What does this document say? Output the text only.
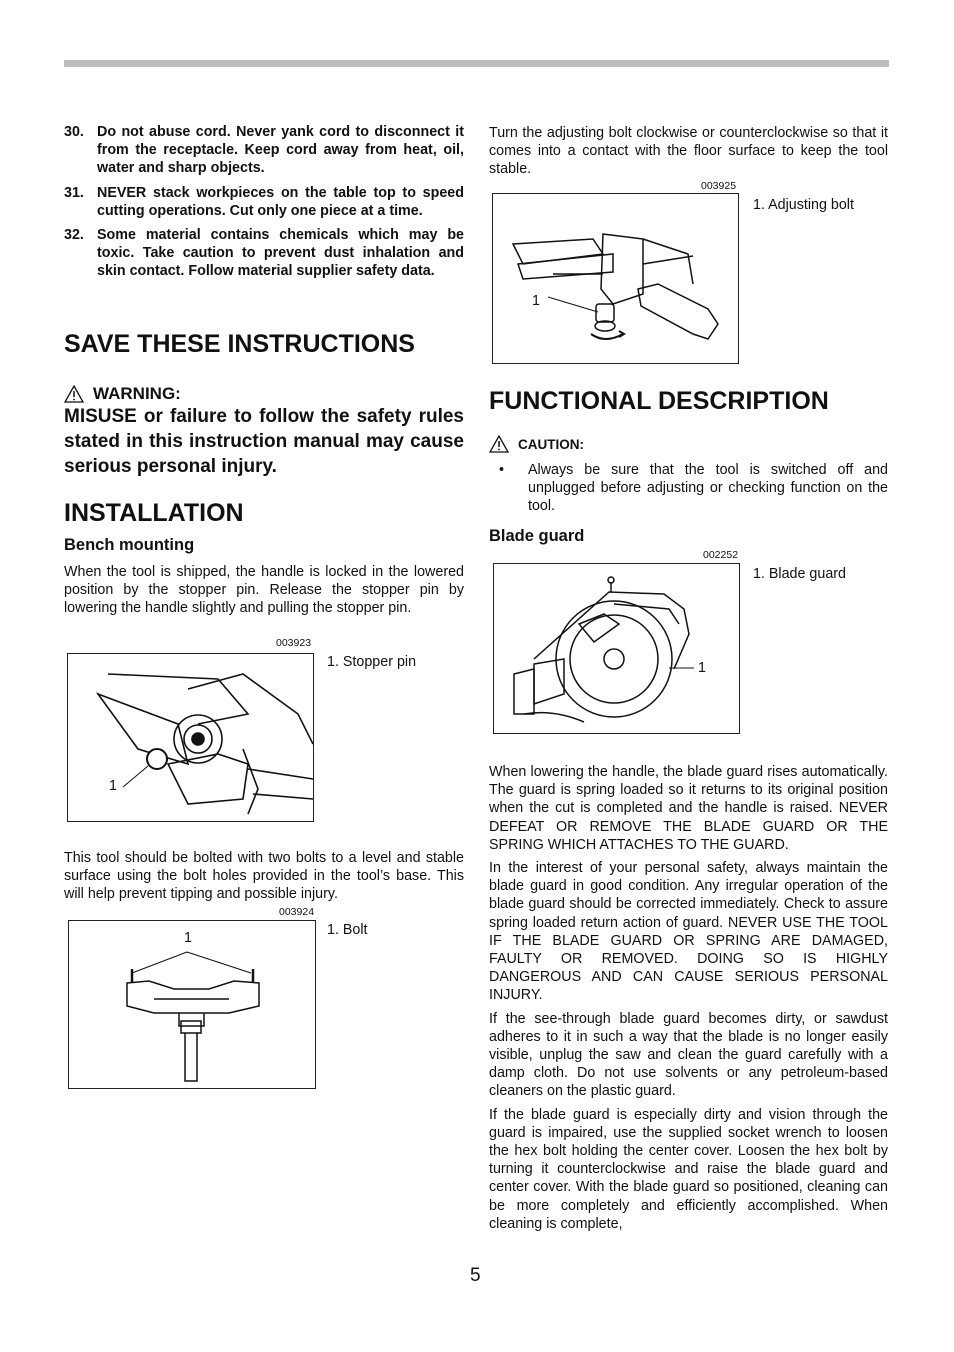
30. Do not abuse cord. Never yank cord to disconnect it from the receptacle. Keep cord away from heat, oil, water and sharp objects.
31. NEVER stack workpieces on the table top to speed cutting operations. Cut only one piece at a time.
32. Some material contains chemicals which may be toxic. Take caution to prevent dust inhalation and skin contact. Follow material supplier safety data.
SAVE THESE INSTRUCTIONS
WARNING:
MISUSE or failure to follow the safety rules stated in this instruction manual may cause serious personal injury.
INSTALLATION
Bench mounting

When the tool is shipped, the handle is locked in the lowered position by the stopper pin. Release the stopper pin by lowering the handle slightly and pulling the stopper pin.

003923
1
1. Stopper pin

This tool should be bolted with two bolts to a level and stable surface using the bolt holes provided in the tool’s base. This will help prevent tipping and possible injury.

003924
1	1. Bolt

Turn the adjusting bolt clockwise or counterclockwise so that it comes into a contact with the floor surface to keep the tool stable.

003925
1
1. Adjusting bolt
FUNCTIONAL DESCRIPTION
CAUTION:
•	Always be sure that the tool is switched off and unplugged before adjusting or checking function on the tool.
Blade guard
002252
1
1. Blade guard

When lowering the handle, the blade guard rises automatically. The guard is spring loaded so it returns to its original position when the cut is completed and the handle is raised. NEVER DEFEAT OR REMOVE THE BLADE GUARD OR THE SPRING WHICH ATTACHES TO THE GUARD.

In the interest of your personal safety, always maintain the blade guard in good condition. Any irregular operation of the blade guard should be corrected immediately. Check to assure spring loaded return action of guard. NEVER USE THE TOOL IF THE BLADE GUARD OR SPRING ARE DAMAGED, FAULTY OR REMOVED. DOING SO IS HIGHLY DANGEROUS AND CAN CAUSE SERIOUS PERSONAL INJURY.

If the see-through blade guard becomes dirty, or sawdust adheres to it in such a way that the blade is no longer easily visible, unplug the saw and clean the guard carefully with a damp cloth. Do not use solvents or any petroleum-based cleaners on the plastic guard.

If the blade guard is especially dirty and vision through the guard is impaired, use the supplied socket wrench to loosen the hex bolt holding the center cover. Loosen the hex bolt by turning it counterclockwise and raise the blade guard and center cover. With the blade guard so positioned, cleaning can be more completely and efficiently accomplished. When cleaning is complete,

5
